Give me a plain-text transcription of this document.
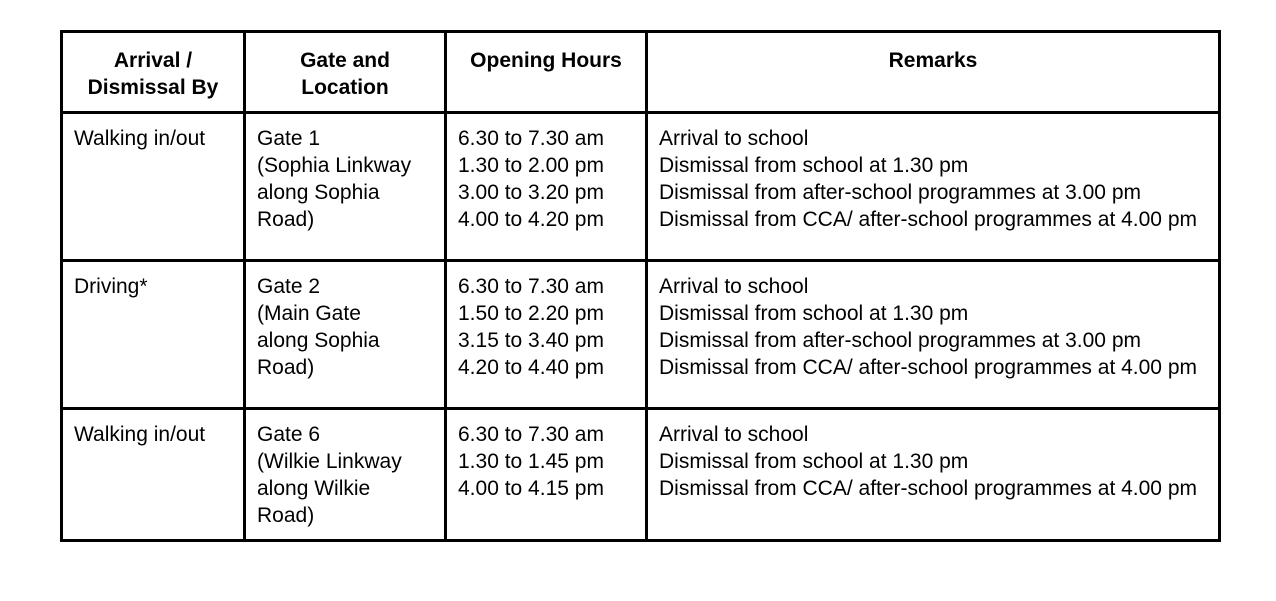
Arrival /
Dismissal By	Gate and
Location	Opening Hours	Remarks

Walking in/out	Gate 1
(Sophia Linkway
along Sophia
Road)	6.30 to 7.30 am
1.30 to 2.00 pm
3.00 to 3.20 pm
4.00 to 4.20 pm	Arrival to school
Dismissal from school at 1.30 pm
Dismissal from after-school programmes at 3.00 pm
Dismissal from CCA/ after-school programmes at 4.00 pm

Driving*	Gate 2
(Main Gate
along Sophia
Road)	6.30 to 7.30 am
1.50 to 2.20 pm
3.15 to 3.40 pm
4.20 to 4.40 pm	Arrival to school
Dismissal from school at 1.30 pm
Dismissal from after-school programmes at 3.00 pm
Dismissal from CCA/ after-school programmes at 4.00 pm

Walking in/out	Gate 6
(Wilkie Linkway
along Wilkie
Road)	6.30 to 7.30 am
1.30 to 1.45 pm
4.00 to 4.15 pm	Arrival to school
Dismissal from school at 1.30 pm
Dismissal from CCA/ after-school programmes at 4.00 pm
